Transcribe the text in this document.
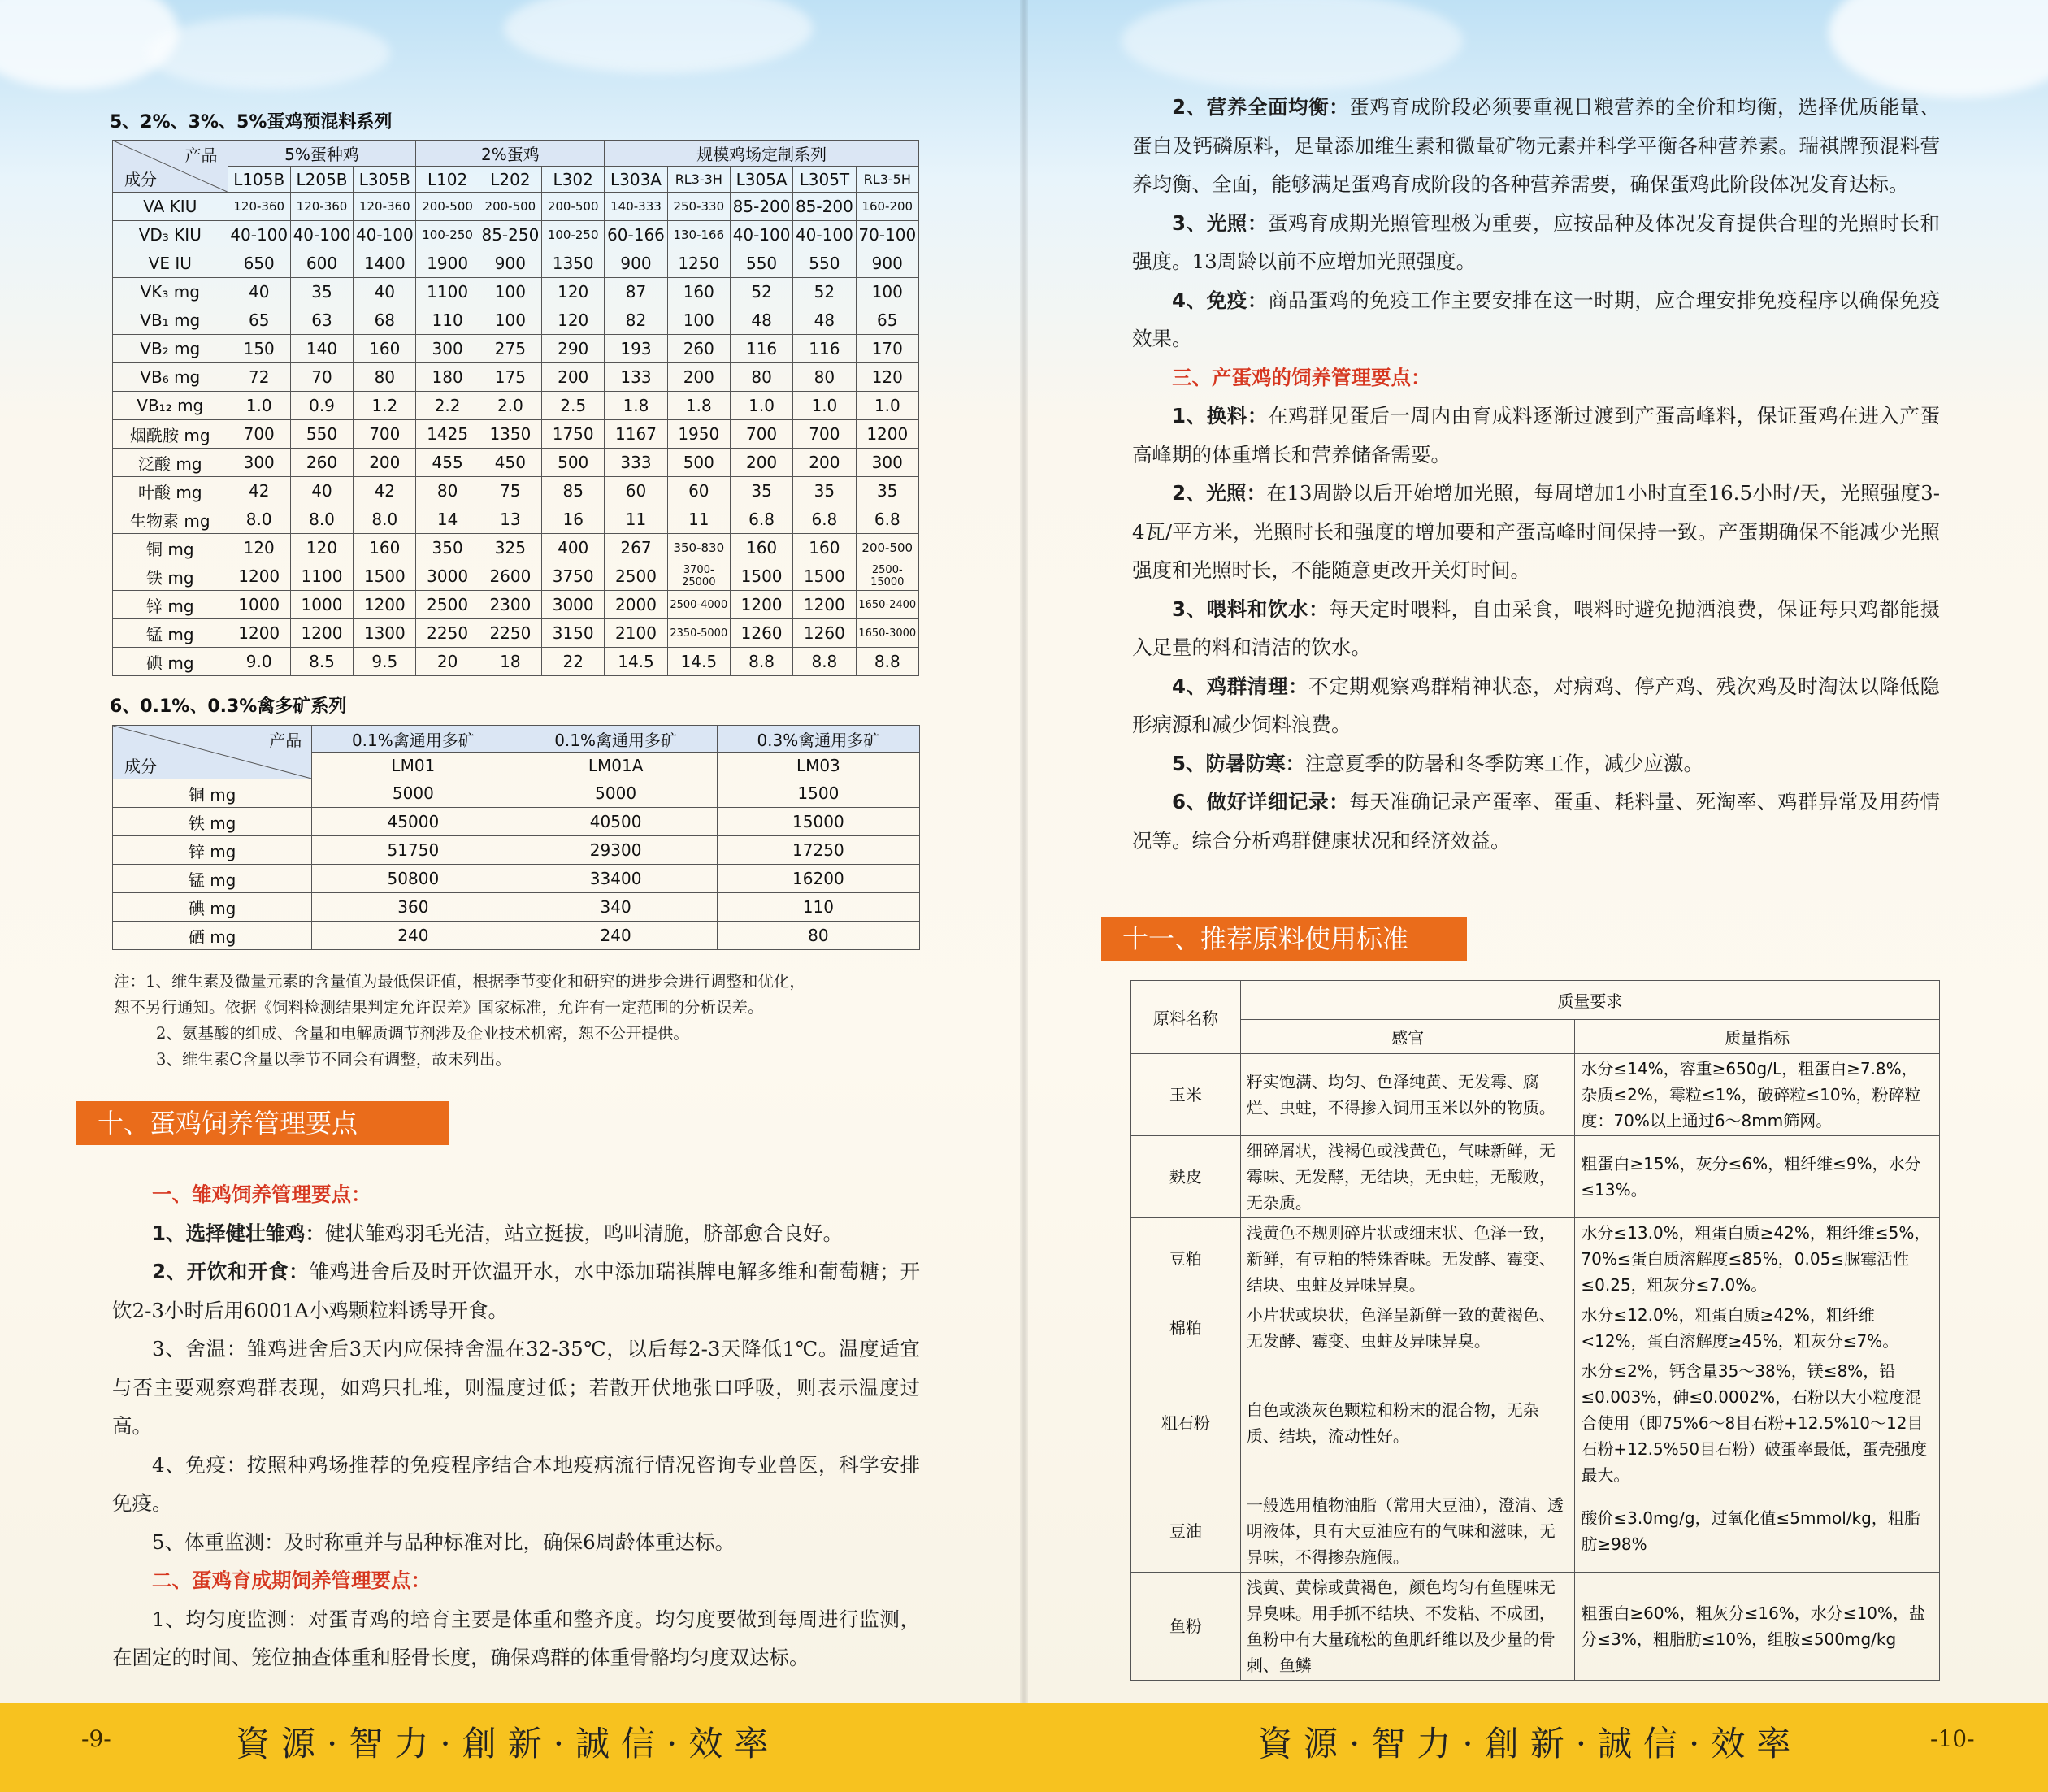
5、2%、3%、5%蛋鸡预混料系列
产品
成分	5%蛋种鸡			2%蛋鸡			规模鸡场定制系列				
	L105B	L205B	L305B	L102	L202	L302	L303A	RL3-3H	L305A	L305T	RL3-5H
VA KIU	120-360	120-360	120-360	200-500	200-500	200-500	140-333	250-330	85-200	85-200	160-200
VD₃ KIU	40-100	40-100	40-100	100-250	85-250	100-250	60-166	130-166	40-100	40-100	70-100
VE IU	650	600	1400	1900	900	1350	900	1250	550	550	900
VK₃ mg	40	35	40	1100	100	120	87	160	52	52	100
VB₁ mg	65	63	68	110	100	120	82	100	48	48	65
VB₂ mg	150	140	160	300	275	290	193	260	116	116	170
VB₆ mg	72	70	80	180	175	200	133	200	80	80	120
VB₁₂ mg	1.0	0.9	1.2	2.2	2.0	2.5	1.8	1.8	1.0	1.0	1.0
烟酰胺 mg	700	550	700	1425	1350	1750	1167	1950	700	700	1200
泛酸 mg	300	260	200	455	450	500	333	500	200	200	300
叶酸 mg	42	40	42	80	75	85	60	60	35	35	35
生物素 mg	8.0	8.0	8.0	14	13	16	11	11	6.8	6.8	6.8
铜 mg	120	120	160	350	325	400	267	350-830	160	160	200-500
铁 mg	1200	1100	1500	3000	2600	3750	2500	3700-25000	1500	1500	2500-15000
锌 mg	1000	1000	1200	2500	2300	3000	2000	2500-4000	1200	1200	1650-2400
锰 mg	1200	1200	1300	2250	2250	3150	2100	2350-5000	1260	1260	1650-3000
碘 mg	9.0	8.5	9.5	20	18	22	14.5	14.5	8.8	8.8	8.8
6、0.1%、0.3%禽多矿系列
产品
成分	0.1%禽通用多矿	0.1%禽通用多矿	0.3%禽通用多矿
	LM01	LM01A	LM03
铜 mg	5000	5000	1500
铁 mg	45000	40500	15000
锌 mg	51750	29300	17250
锰 mg	50800	33400	16200
碘 mg	360	340	110
硒 mg	240	240	80

注：1、维生素及微量元素的含量值为最低保证值，根据季节变化和研究的进步会进行调整和优化，

恕不另行通知。依据《饲料检测结果判定允许误差》国家标准，允许有一定范围的分析误差。

2、氨基酸的组成、含量和电解质调节剂涉及企业技术机密，恕不公开提供。

3、维生素C含量以季节不同会有调整，故未列出。

十、蛋鸡饲养管理要点

一、雏鸡饲养管理要点：

1、选择健壮雏鸡：健状雏鸡羽毛光洁，站立挺拔，鸣叫清脆，脐部愈合良好。

2、开饮和开食：雏鸡进舍后及时开饮温开水，水中添加瑞祺牌电解多维和葡萄糖；开饮2-3小时后用6001A小鸡颗粒料诱导开食。

3、舍温：雏鸡进舍后3天内应保持舍温在32-35℃，以后每2-3天降低1℃。温度适宜与否主要观察鸡群表现，如鸡只扎堆，则温度过低；若散开伏地张口呼吸，则表示温度过高。

4、免疫：按照种鸡场推荐的免疫程序结合本地疫病流行情况咨询专业兽医，科学安排免疫。

5、体重监测：及时称重并与品种标准对比，确保6周龄体重达标。

二、蛋鸡育成期饲养管理要点：

1、均匀度监测：对蛋青鸡的培育主要是体重和整齐度。均匀度要做到每周进行监测，在固定的时间、笼位抽查体重和胫骨长度，确保鸡群的体重骨骼均匀度双达标。

2、营养全面均衡：蛋鸡育成阶段必须要重视日粮营养的全价和均衡，选择优质能量、蛋白及钙磷原料，足量添加维生素和微量矿物元素并科学平衡各种营养素。瑞祺牌预混料营养均衡、全面，能够满足蛋鸡育成阶段的各种营养需要，确保蛋鸡此阶段体况发育达标。

3、光照：蛋鸡育成期光照管理极为重要，应按品种及体况发育提供合理的光照时长和强度。13周龄以前不应增加光照强度。

4、免疫：商品蛋鸡的免疫工作主要安排在这一时期，应合理安排免疫程序以确保免疫效果。

三、产蛋鸡的饲养管理要点：

1、换料：在鸡群见蛋后一周内由育成料逐渐过渡到产蛋高峰料，保证蛋鸡在进入产蛋高峰期的体重增长和营养储备需要。

2、光照：在13周龄以后开始增加光照，每周增加1小时直至16.5小时/天，光照强度3-4瓦/平方米，光照时长和强度的增加要和产蛋高峰时间保持一致。产蛋期确保不能减少光照强度和光照时长，不能随意更改开关灯时间。

3、喂料和饮水：每天定时喂料，自由采食，喂料时避免抛洒浪费，保证每只鸡都能摄入足量的料和清洁的饮水。

4、鸡群清理：不定期观察鸡群精神状态，对病鸡、停产鸡、残次鸡及时淘汰以降低隐形病源和减少饲料浪费。

5、防暑防寒：注意夏季的防暑和冬季防寒工作，减少应激。

6、做好详细记录：每天准确记录产蛋率、蛋重、耗料量、死淘率、鸡群异常及用药情况等。综合分析鸡群健康状况和经济效益。

十一、推荐原料使用标准
原料名称	质量要求	
	感官	质量指标
玉米	籽实饱满、均匀、色泽纯黄、无发霉、腐烂、虫蛀，不得掺入饲用玉米以外的物质。	水分≤14%，容重≥650g/L，粗蛋白≥7.8%，杂质≤2%，霉粒≤1%，破碎粒≤10%，粉碎粒度：70%以上通过6～8mm筛网。
麸皮	细碎屑状，浅褐色或浅黄色，气味新鲜，无霉味、无发酵，无结块，无虫蛀，无酸败，无杂质。	粗蛋白≥15%，灰分≤6%，粗纤维≤9%，水分≤13%。
豆粕	浅黄色不规则碎片状或细末状、色泽一致，新鲜，有豆粕的特殊香味。无发酵、霉变、结块、虫蛀及异味异臭。	水分≤13.0%，粗蛋白质≥42%，粗纤维≤5%，70%≤蛋白质溶解度≤85%，0.05≤脲霉活性≤0.25，粗灰分≤7.0%。
棉粕	小片状或块状，色泽呈新鲜一致的黄褐色、无发酵、霉变、虫蛀及异味异臭。	水分≤12.0%，粗蛋白质≥42%，粗纤维<12%，蛋白溶解度≥45%，粗灰分≤7%。
粗石粉	白色或淡灰色颗粒和粉末的混合物，无杂质、结块，流动性好。	水分≤2%，钙含量35～38%，镁≤8%，铅≤0.003%，砷≤0.0002%，石粉以大小粒度混合使用（即75%6～8目石粉+12.5%10～12目石粉+12.5%50目石粉）破蛋率最低，蛋壳强度最大。
豆油	一般选用植物油脂（常用大豆油），澄清、透明液体，具有大豆油应有的气味和滋味，无异味，不得掺杂施假。	酸价≤3.0mg/g，过氧化值≤5mmol/kg，粗脂肪≥98%
鱼粉	浅黄、黄棕或黄褐色，颜色均匀有鱼腥味无异臭味。用手抓不结块、不发粘、不成团，鱼粉中有大量疏松的鱼肌纤维以及少量的骨刺、鱼鳞	粗蛋白≥60%，粗灰分≤16%，水分≤10%，盐分≤3%，粗脂肪≤10%，组胺≤500mg/kg
-9-	資源·智力·創新·誠信·效率	資源·智力·創新·誠信·效率	-10-
